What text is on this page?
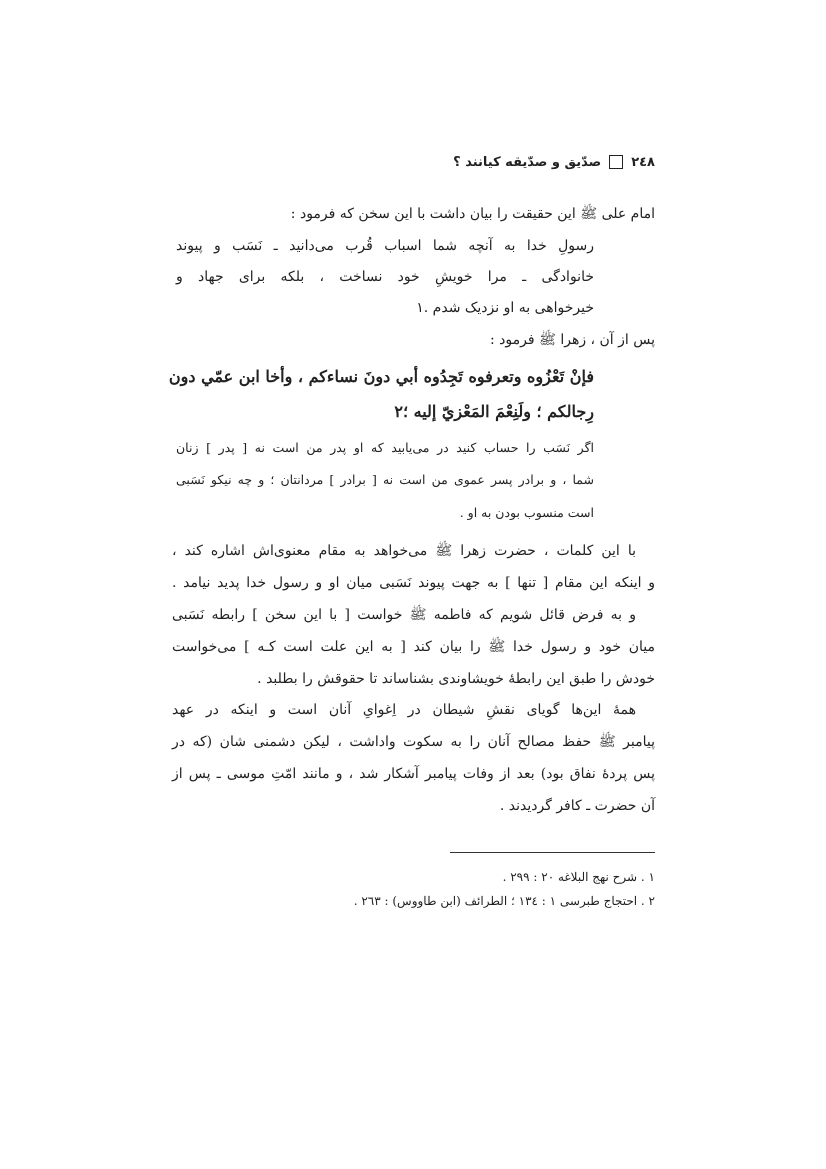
٢٤٨
صدّیق و صدّیقه کیانند ؟
امام علی ﷺ این حقیقت را بیان داشت با این سخن که فرمود :
رسولِ خدا به آنچه شما اسباب قُرب می‌دانید ـ نَسَب و پیوند
خانوادگی ـ مرا خویشِ خود نساخت ، بلکه برای جهاد و
خیرخواهی به او نزدیک شدم .١
پس از آن ، زهرا ﷺ فرمود :
فإنْ تَعْزُوه وتعرفوه تَجِدُوه أبي دونَ نساءکم ، وأخا ابن عمّي دون
رِجالکم ؛ ولَنِعْمَ المَعْزيّ إليه ؛٢
اگر نَسَب را حساب کنید در می‌یابید که او پدر من است نه [ پدر ] زنان
شما ، و برادر پسر عموی من است نه [ برادر ] مردانتان ؛ و چه نیکو نَسَبی
است منسوب بودن به او .
با این کلمات ، حضرت زهرا ﷺ می‌خواهد به مقام معنوی‌اش اشاره کند ،
و اینکه این مقام [ تنها ] به جهت پیوند نَسَبی میان او و رسول خدا پدید نیامد .
و به فرض قائل شویم که فاطمه ﷺ خواست [ با این سخن ] رابطه نَسَبی
میان خود و رسول خدا ﷺ را بیان کند [ به این علت است کـه ] می‌خواست
خودش را طبق این رابطهٔ خویشاوندی بشناساند تا حقوقش را بطلبد .
همهٔ این‌ها گویای نقشِ شیطان در اِغوایِ آنان است و اینکه در عهد
پیامبر ﷺ حفظ مصالح آنان را به سکوت واداشت ، لیکن دشمنی شان (که در
پس پردهٔ نفاق بود) بعد از وفات پیامبر آشکار شد ، و مانند امّتِ موسی ـ پس از
آن حضرت ـ کافر گردیدند .
١ . شرح نهج البلاغه ٢٠ : ٢٩٩ .
٢ . احتجاج طبرسی ١ : ١٣٤ ؛ الطرائف (ابن طاووس) : ٢٦٣ .
